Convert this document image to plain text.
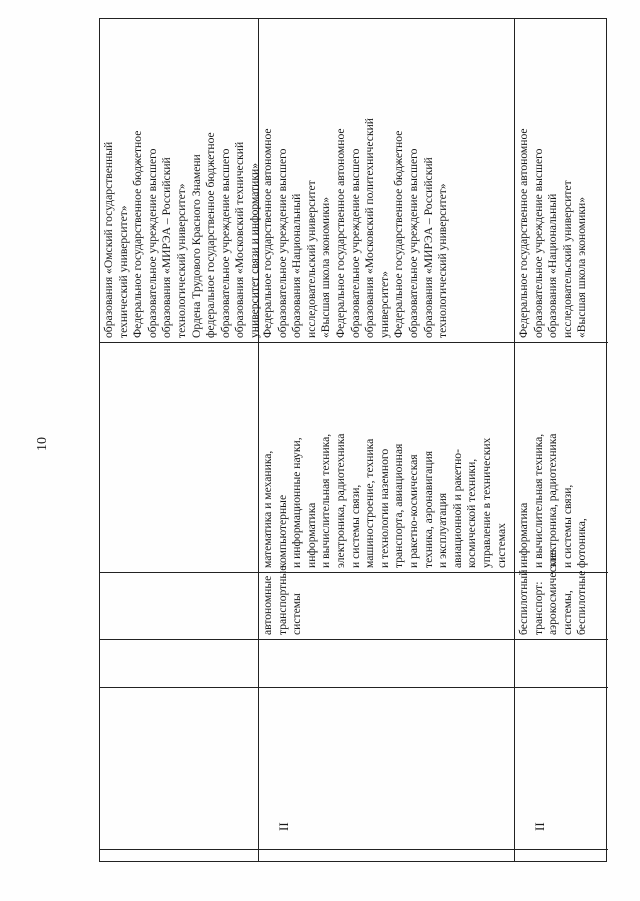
10
образования «Омский государственный технический университет» Федеральное государственное бюджетное образовательное учреждение высшего образования «МИРЭА – Российский технологический университет» Ордена Трудового Красного Знамени федеральное государственное бюджетное образовательное учреждение высшего образования «Московский технический университет связи и информатики»
II
автономные транспортные системы
математика и механика, компьютерные и информационные науки, информатика и вычислительная техника, электроника, радиотехника и системы связи, машиностроение, техника и технологии наземного транспорта, авиационная и ракетно-космическая техника, аэронавигация и эксплуатация авиационной и ракетно- космической техники, управление в технических системах
Федеральное государственное автономное образовательное учреждение высшего образования «Национальный исследовательский университет «Высшая школа экономики» Федеральное государственное автономное образовательное учреждение высшего образования «Московский политехнический университет» Федеральное государственное бюджетное образовательное учреждение высшего образования «МИРЭА – Российский технологический университет»
II
беспилотный транспорт: аэрокосмические системы, беспилотные
информатика и вычислительная техника, электроника, радиотехника и системы связи, фотоника,
Федеральное государственное автономное образовательное учреждение высшего образования «Национальный исследовательский университет «Высшая школа экономики»
